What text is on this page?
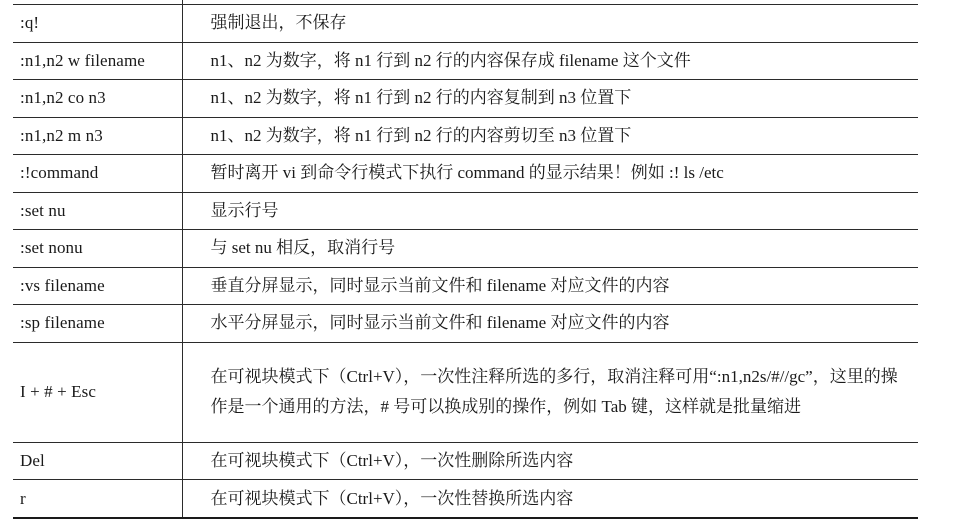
:q!	强制退出，不保存
:n1,n2 w filename	n1、n2 为数字，将 n1 行到 n2 行的内容保存成 filename 这个文件
:n1,n2 co n3	n1、n2 为数字，将 n1 行到 n2 行的内容复制到 n3 位置下
:n1,n2 m n3	n1、n2 为数字，将 n1 行到 n2 行的内容剪切至 n3 位置下
:!command	暂时离开 vi 到命令行模式下执行 command 的显示结果！例如 :! ls /etc
:set nu	显示行号
:set nonu	与 set nu 相反，取消行号
:vs filename	垂直分屏显示，同时显示当前文件和 filename 对应文件的内容
:sp filename	水平分屏显示，同时显示当前文件和 filename 对应文件的内容
I + # + Esc	在可视块模式下（Ctrl+V），一次性注释所选的多行，取消注释可用“:n1,n2s/#//gc”，这里的操作是一个通用的方法，# 号可以换成别的操作，例如 Tab 键，这样就是批量缩进
Del	在可视块模式下（Ctrl+V），一次性删除所选内容
r	在可视块模式下（Ctrl+V），一次性替换所选内容
